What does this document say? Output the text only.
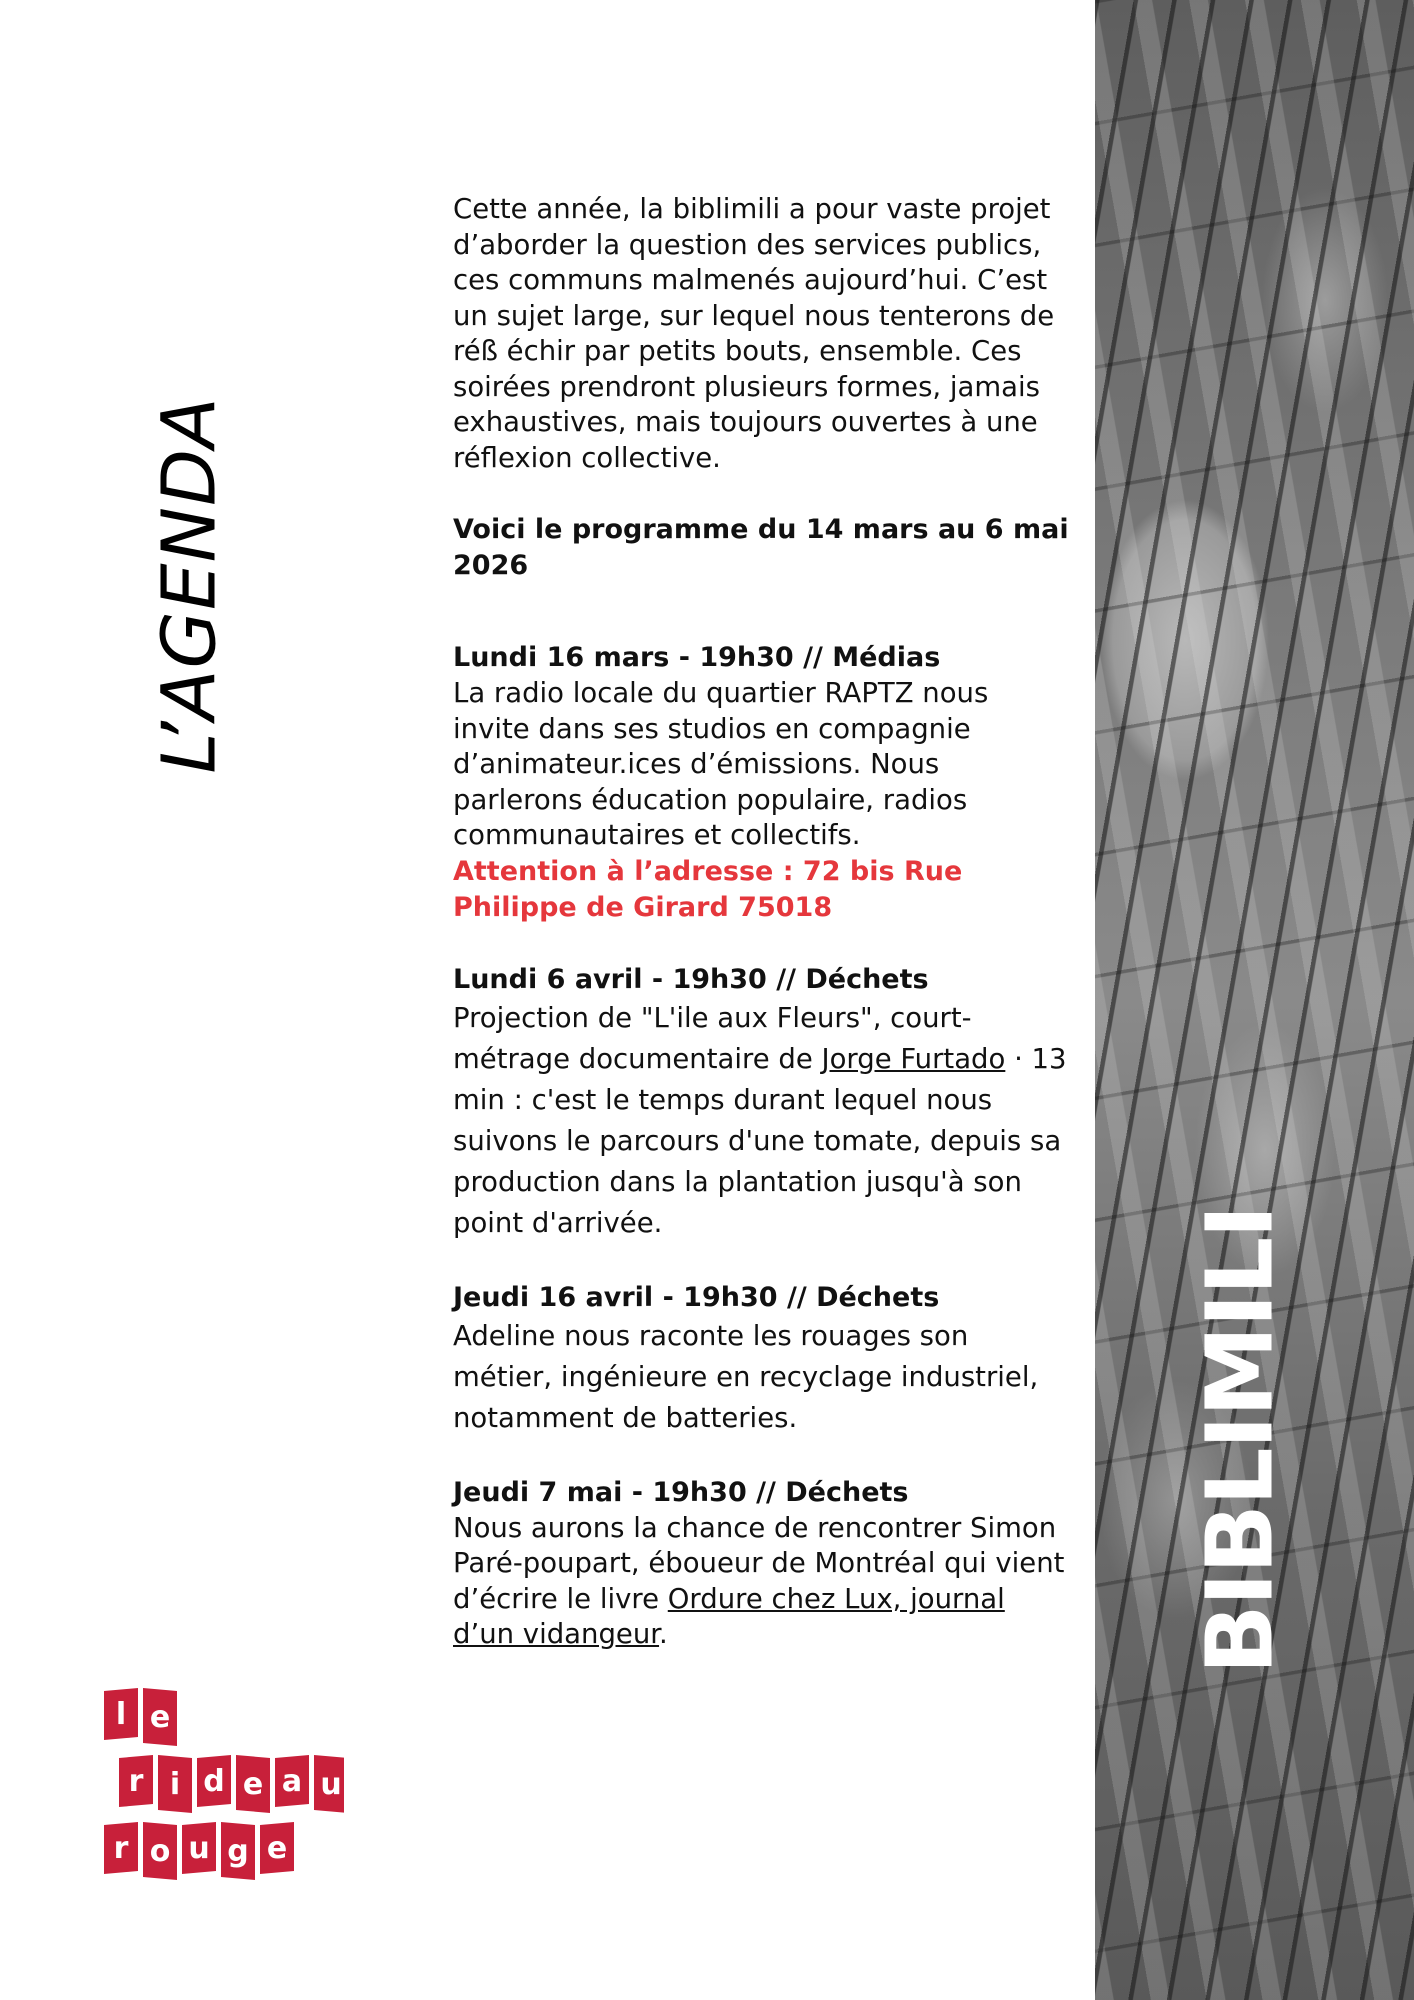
L’AGENDA

Cette année, la biblimili a pour vaste projet d’aborder la question des services publics, ces communs malmenés aujourd’hui. C’est un sujet large, sur lequel nous tenterons de réß échir par petits bouts, ensemble. Ces soirées prendront plusieurs formes, jamais exhaustives, mais toujours ouvertes à une réflexion collective.

Voici le programme du 14 mars au 6 mai 2026

Lundi 16 mars - 19h30 // Médias

La radio locale du quartier RAPTZ nous invite dans ses studios en compagnie d’animateur.ices d’émissions. Nous parlerons éducation populaire, radios communautaires et collectifs.

Attention à l’adresse : 72 bis Rue Philippe de Girard 75018

Lundi 6 avril - 19h30 // Déchets

Projection de "L'ile aux Fleurs", court-métrage documentaire de Jorge Furtado · 13 min : c'est le temps durant lequel nous suivons le parcours d'une tomate, depuis sa production dans la plantation jusqu'à son point d'arrivée.

Jeudi 16 avril - 19h30 // Déchets

Adeline nous raconte les rouages son métier, ingénieure en recyclage industriel, notamment de batteries.

Jeudi 7 mai - 19h30 // Déchets

Nous aurons la chance de rencontrer Simon Paré-poupart, éboueur de Montréal qui vient d’écrire le livre Ordure chez Lux, journal d’un vidangeur.	BIBLIMILI
l e
r i d e a u
r o u g e
